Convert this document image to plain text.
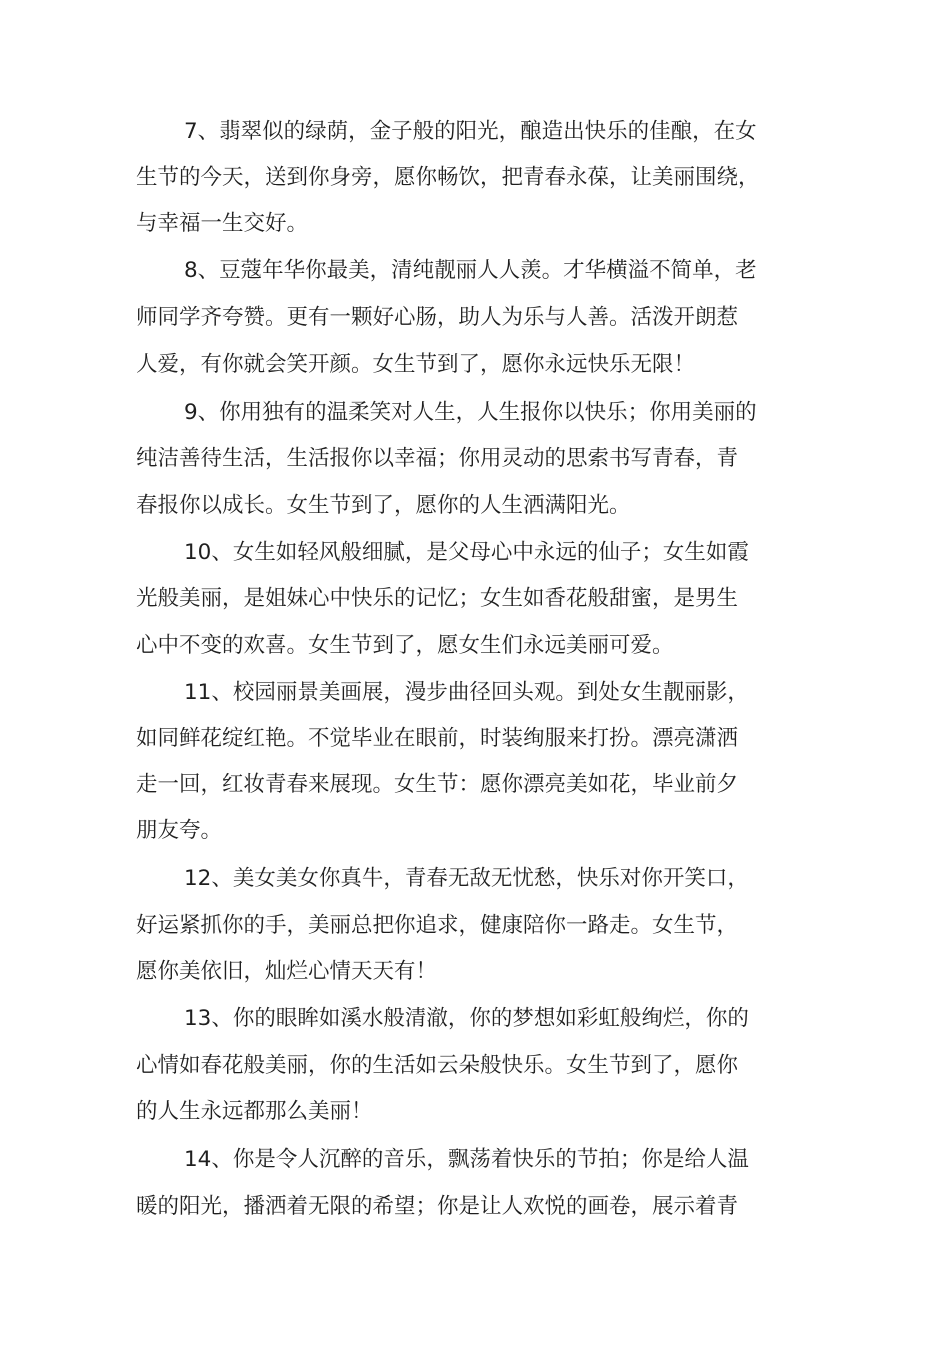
7、翡翠似的绿荫，金子般的阳光，酿造出快乐的佳酿，在女
生节的今天，送到你身旁，愿你畅饮，把青春永葆，让美丽围绕，
与幸福一生交好。
8、豆蔻年华你最美，清纯靓丽人人羡。才华横溢不简单，老
师同学齐夸赞。更有一颗好心肠，助人为乐与人善。活泼开朗惹
人爱，有你就会笑开颜。女生节到了，愿你永远快乐无限！
9、你用独有的温柔笑对人生，人生报你以快乐；你用美丽的
纯洁善待生活，生活报你以幸福；你用灵动的思索书写青春，青
春报你以成长。女生节到了，愿你的人生洒满阳光。
10、女生如轻风般细腻，是父母心中永远的仙子；女生如霞
光般美丽，是姐妹心中快乐的记忆；女生如香花般甜蜜，是男生
心中不变的欢喜。女生节到了，愿女生们永远美丽可爱。
11、校园丽景美画展，漫步曲径回头观。到处女生靓丽影，
如同鲜花绽红艳。不觉毕业在眼前，时装绚服来打扮。漂亮潇洒
走一回，红妆青春来展现。女生节：愿你漂亮美如花，毕业前夕
朋友夸。
12、美女美女你真牛，青春无敌无忧愁，快乐对你开笑口，
好运紧抓你的手，美丽总把你追求，健康陪你一路走。女生节，
愿你美依旧，灿烂心情天天有！
13、你的眼眸如溪水般清澈，你的梦想如彩虹般绚烂，你的
心情如春花般美丽，你的生活如云朵般快乐。女生节到了，愿你
的人生永远都那么美丽！
14、你是令人沉醉的音乐，飘荡着快乐的节拍；你是给人温
暖的阳光，播洒着无限的希望；你是让人欢悦的画卷，展示着青
